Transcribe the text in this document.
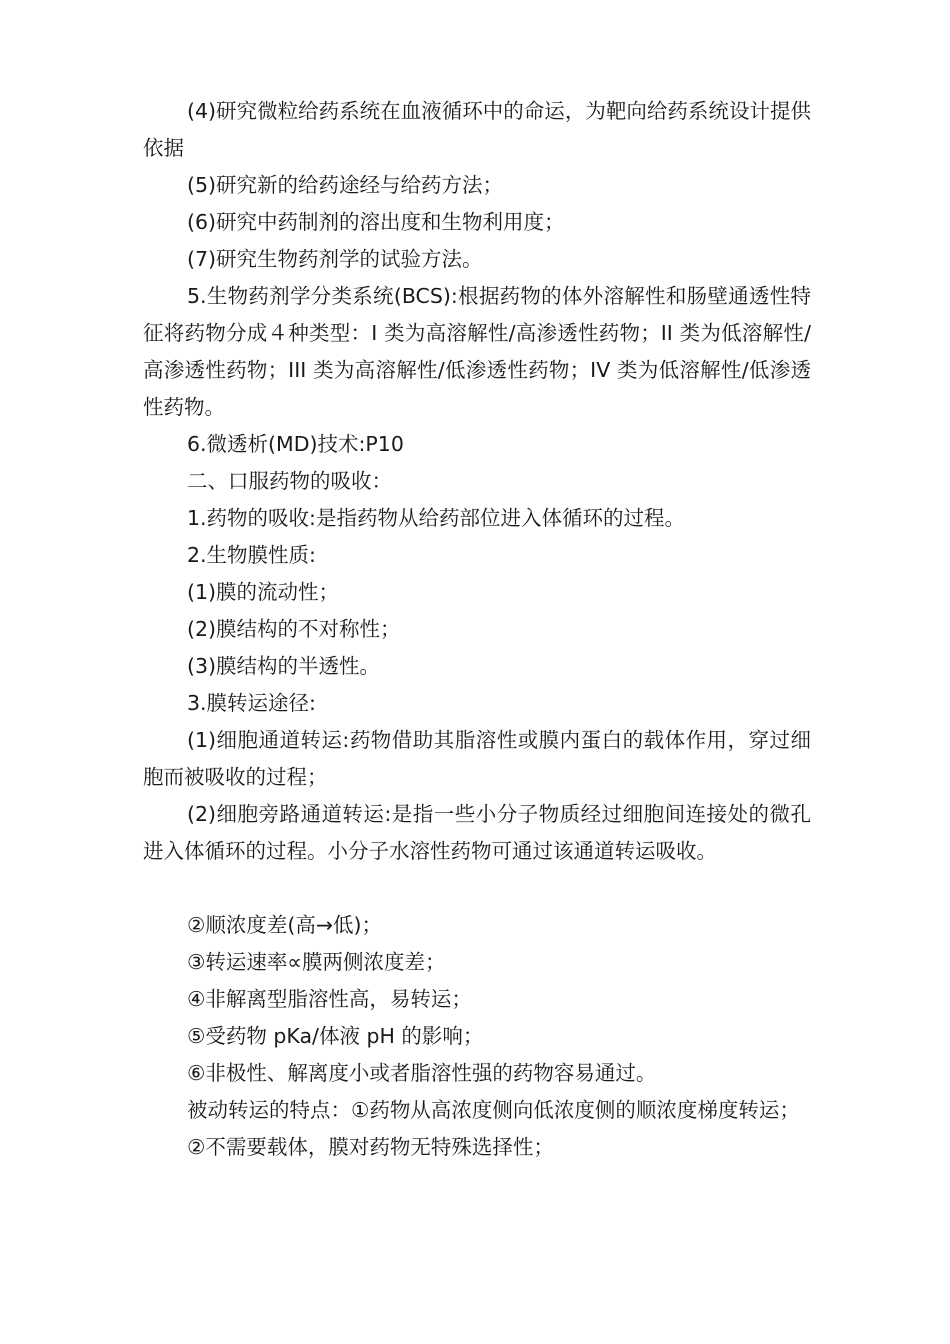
(4)研究微粒给药系统在血液循环中的命运，为靶向给药系统设计提供依据

(5)研究新的给药途经与给药方法；

(6)研究中药制剂的溶出度和生物利用度；

(7)研究生物药剂学的试验方法。

5.生物药剂学分类系统(BCS):根据药物的体外溶解性和肠壁通透性特征将药物分成４种类型：I 类为高溶解性/高渗透性药物；II 类为低溶解性/高渗透性药物；III 类为高溶解性/低渗透性药物；IV 类为低溶解性/低渗透性药物。

6.微透析(MD)技术:P10

二、口服药物的吸收：

1.药物的吸收:是指药物从给药部位进入体循环的过程。

2.生物膜性质:

(1)膜的流动性；

(2)膜结构的不对称性；

(3)膜结构的半透性。

3.膜转运途径:

(1)细胞通道转运:药物借助其脂溶性或膜内蛋白的载体作用，穿过细胞而被吸收的过程；

(2)细胞旁路通道转运:是指一些小分子物质经过细胞间连接处的微孔进入体循环的过程。小分子水溶性药物可通过该通道转运吸收。

②顺浓度差(高→低)；

③转运速率∝膜两侧浓度差；

④非解离型脂溶性高，易转运；

⑤受药物 pKa/体液 pH 的影响；

⑥非极性、解离度小或者脂溶性强的药物容易通过。

被动转运的特点：①药物从高浓度侧向低浓度侧的顺浓度梯度转运；

②不需要载体，膜对药物无特殊选择性；
